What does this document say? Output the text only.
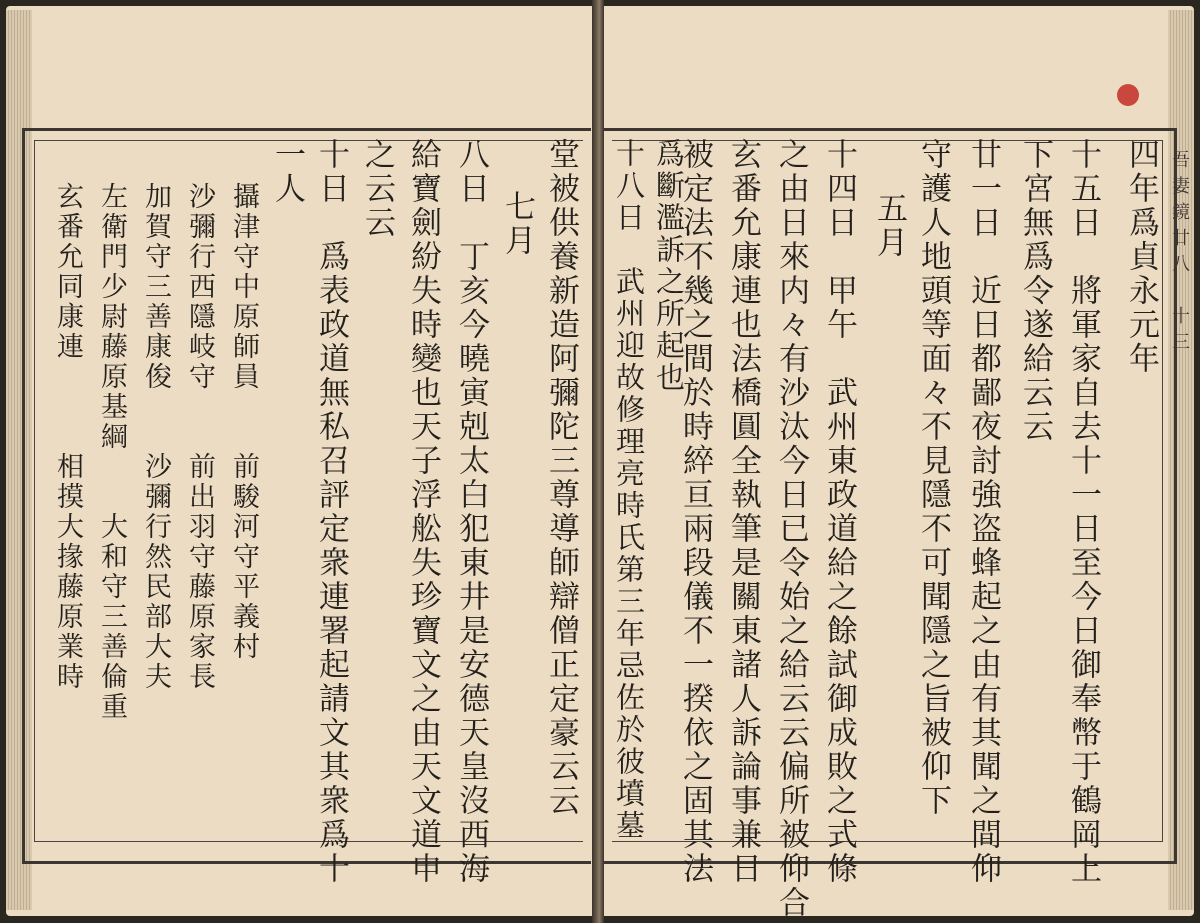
吾妻鏡廿八　十三
四年爲貞永元年
十五日　將軍家自去十一日至今日御奉幣于鶴岡上
下宮無爲令遂給云云
廿一日　近日都鄙夜討強盗蜂起之由有其聞之間仰
守護人地頭等面々不見隱不可聞隱之旨被仰下
五月
十四日　甲午　武州東政道給之餘試御成敗之式條
之由日來内々有沙汰今日已令始之給云云偏所被仰合
玄番允康連也法橋圓全執筆是關東諸人訴論事兼日
被定法不幾之間於時綷亘兩段儀不一揆依之固其法
爲斷濫訴之所起也
十八日　武州迎故修理亮時氏第三年忌佐於彼墳墓
堂被供養新造阿彌陀三尊導師辯僧正定豪云云
七月
八日　丁亥今曉寅剋太白犯東井是安德天皇沒西海
給寶劍紛失時變也天子浮舩失珍寶文之由天文道申
之云云
十日　爲表政道無私召評定衆連署起請文其衆爲十
一人
攝津守中原師員　　前駿河守平義村
沙彌行西隱岐守　　前出羽守藤原家長
加賀守三善康俊　　沙彌行然民部大夫
左衛門少尉藤原基綱　　大和守三善倫重
玄番允同康連　　　相摸大掾藤原業時
